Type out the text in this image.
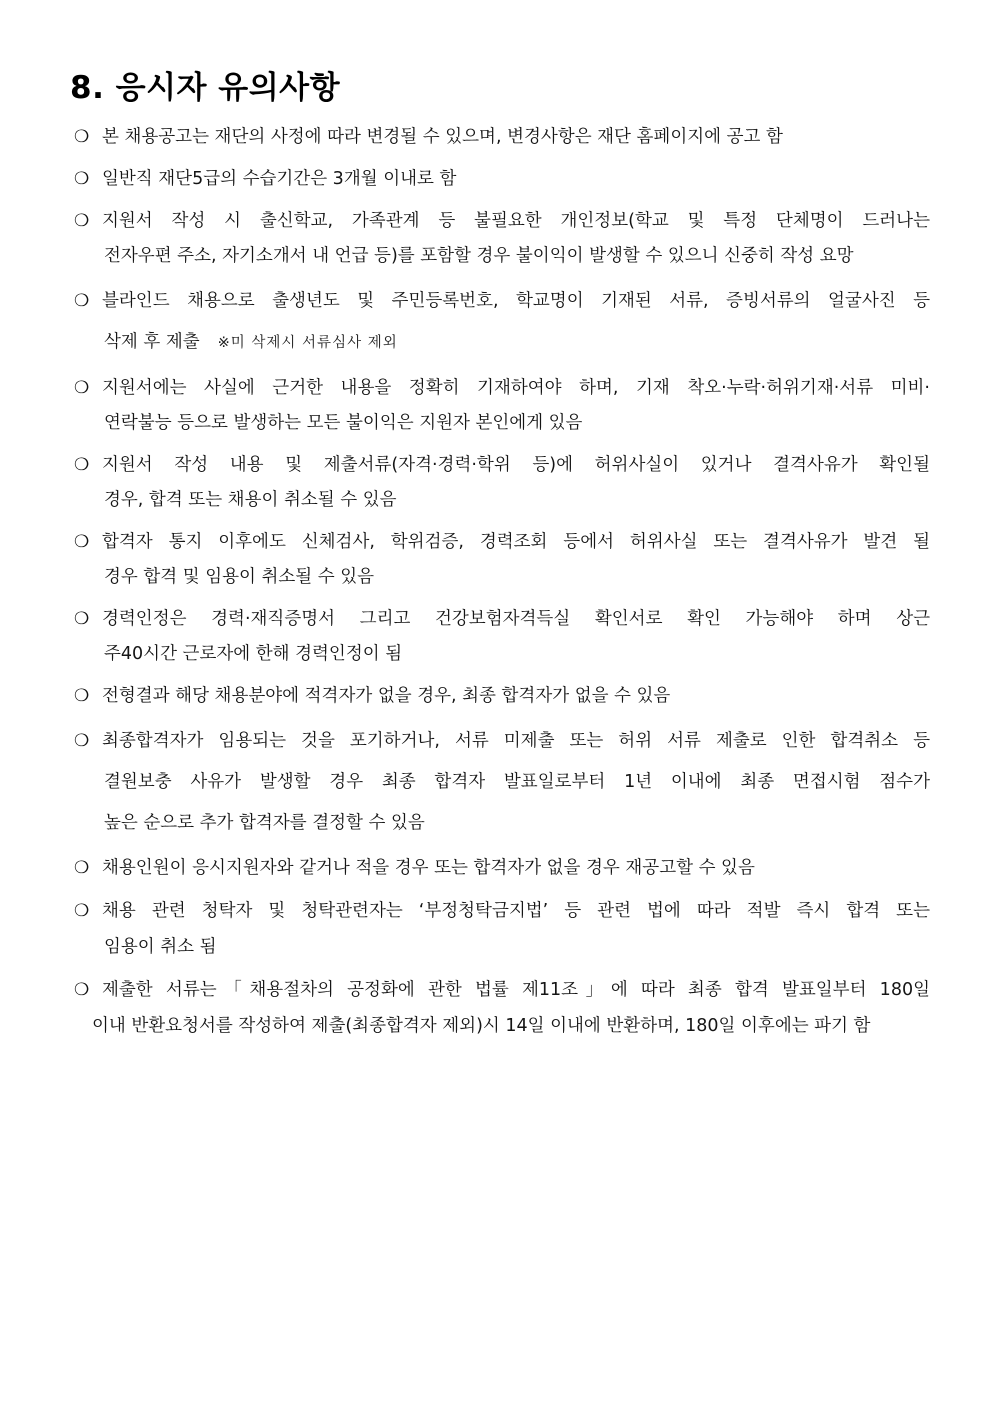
8. 응시자 유의사항
❍ 본 채용공고는 재단의 사정에 따라 변경될 수 있으며, 변경사항은 재단 홈페이지에 공고 함
❍ 일반직 재단5급의 수습기간은 3개월 이내로 함
❍ 지원서 작성 시 출신학교, 가족관계 등 불필요한 개인정보(학교 및 특정 단체명이 드러나는
전자우편 주소, 자기소개서 내 언급 등)를 포함할 경우 불이익이 발생할 수 있으니 신중히 작성 요망
❍ 블라인드 채용으로 출생년도 및 주민등록번호, 학교명이 기재된 서류, 증빙서류의 얼굴사진 등
삭제 후 제출 ※미 삭제시 서류심사 제외
❍ 지원서에는 사실에 근거한 내용을 정확히 기재하여야 하며, 기재 착오·누락·허위기재·서류 미비·
연락불능 등으로 발생하는 모든 불이익은 지원자 본인에게 있음
❍ 지원서 작성 내용 및 제출서류(자격·경력·학위 등)에 허위사실이 있거나 결격사유가 확인될
경우, 합격 또는 채용이 취소될 수 있음
❍ 합격자 통지 이후에도 신체검사, 학위검증, 경력조회 등에서 허위사실 또는 결격사유가 발견 될
경우 합격 및 임용이 취소될 수 있음
❍ 경력인정은 경력·재직증명서 그리고 건강보험자격득실 확인서로 확인 가능해야 하며 상근
주40시간 근로자에 한해 경력인정이 됨
❍ 전형결과 해당 채용분야에 적격자가 없을 경우, 최종 합격자가 없을 수 있음
❍ 최종합격자가 임용되는 것을 포기하거나, 서류 미제출 또는 허위 서류 제출로 인한 합격취소 등
결원보충 사유가 발생할 경우 최종 합격자 발표일로부터 1년 이내에 최종 면접시험 점수가
높은 순으로 추가 합격자를 결정할 수 있음
❍ 채용인원이 응시지원자와 같거나 적을 경우 또는 합격자가 없을 경우 재공고할 수 있음
❍ 채용 관련 청탁자 및 청탁관련자는 ‘부정청탁금지법’ 등 관련 법에 따라 적발 즉시 합격 또는
임용이 취소 됨
❍ 제출한 서류는「채용절차의 공정화에 관한 법률 제11조」에 따라 최종 합격 발표일부터 180일
이내 반환요청서를 작성하여 제출(최종합격자 제외)시 14일 이내에 반환하며, 180일 이후에는 파기 함
